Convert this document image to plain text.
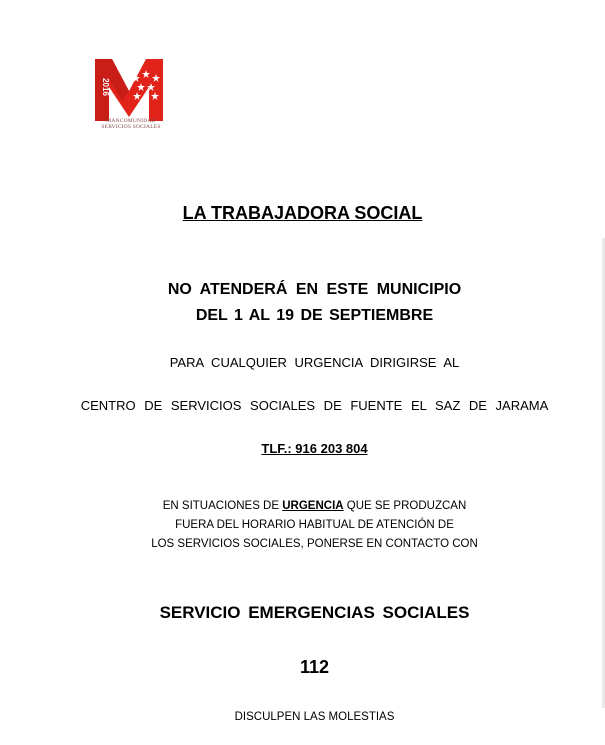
2016
MANCOMUNIDAD
SERVICIOS SOCIALES
LA TRABAJADORA SOCIAL
NO ATENDERÁ EN ESTE MUNICIPIO
DEL 1 AL 19 DE SEPTIEMBRE
PARA CUALQUIER URGENCIA DIRIGIRSE AL
CENTRO DE SERVICIOS SOCIALES DE FUENTE EL SAZ DE JARAMA
TLF.: 916 203 804
EN SITUACIONES DE URGENCIA QUE SE PRODUZCAN
FUERA DEL HORARIO HABITUAL DE ATENCIÓN DE
LOS SERVICIOS SOCIALES, PONERSE EN CONTACTO CON
SERVICIO EMERGENCIAS SOCIALES
112
DISCULPEN LAS MOLESTIAS
